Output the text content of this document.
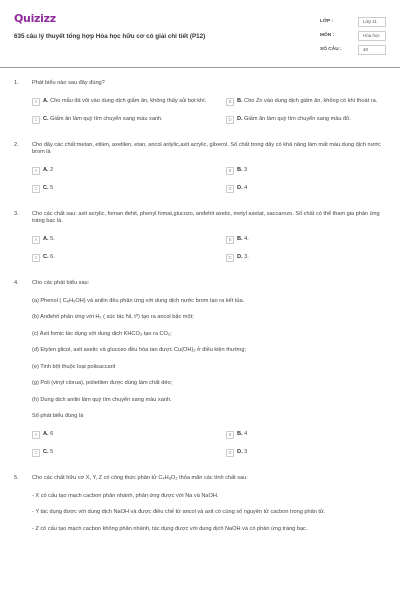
Quizizz
635 câu lý thuyết tổng hợp Hóa học hữu cơ có giải chi tiết (P12)
LỚP :	Lớp 11
MÔN :	Hóa học
SỐ CÂU :	40
1. Phát biểu nào sau đây đúng?
A	A. Cho mẫu đá vôi vào dung dịch giấm ăn, không thấy sủi bọt khí.	B	B. Cho Zn vào dung dịch giấm ăn, không có khí thoát ra.
C C. Giấm ăn làm quỳ tím chuyển sang màu xanh.	D D. Giấm ăn làm quỳ tím chuyển sang màu đỏ.
2. Cho dãy các chất:metan, etilen, axetilen, etan, ancol anlylic,axit acrylic, glixerol. Số chất trong dãy có khả năng làm mất màu dung dịch nước brom là
A	A. 2	B	B. 3
C C. 5	D D. 4
3. Cho các chất sau: axit acrylic, foman đehit, phenyl fomat,glucozo, anđehit axetic, metyl axetat, saccarozo. Số chất có thể tham gia phản ứng tráng bạc là.
A	A. 5.	B	B. 4.
C C. 6.	D D. 3.
4. Cho các phát biểu sau:
(a) Phenol ( C₆H₅OH) và anilin đều phản ứng với dung dịch nước brom tạo ra kết tủa.
(b) Anđehit phản ứng với H₂ ( xúc tác Ni, t⁰) tạo ra ancol bậc một;
(c) Axit fomic tác dụng với dung dịch KHCO₃ tạo ra CO₂;
(d) Etylen glicol, axit axetic và glucozo đều hòa tan được Cu(OH)₂ ở điều kiện thường;
(e) Tinh bột thuộc loại polisaccarit
(g) Poli (vinyl clorua), polietilen được dùng làm chất dẻo;
(h) Dung dịch anilin làm quỳ tím chuyển sang màu xanh.
Số phát biểu đúng là
A	A. 6	B	B. 4
C C. 5	D D. 3
5. Cho các chất hữu cơ X, Y, Z có công thức phân tử C₄H₈O₂ thỏa mãn các tính chất sau:
- X có cấu tạo mạch cacbon phân nhánh, phản ứng được với Na và NaOH.
- Y tác dụng được với dung dịch NaOH và được điều chế từ ancol và axit có cùng số nguyên tử cacbon trong phân tử.
- Z có cấu tạo mạch cacbon không phân nhánh, tác dụng được với dung dịch NaOH và có phản ứng tráng bạc.
